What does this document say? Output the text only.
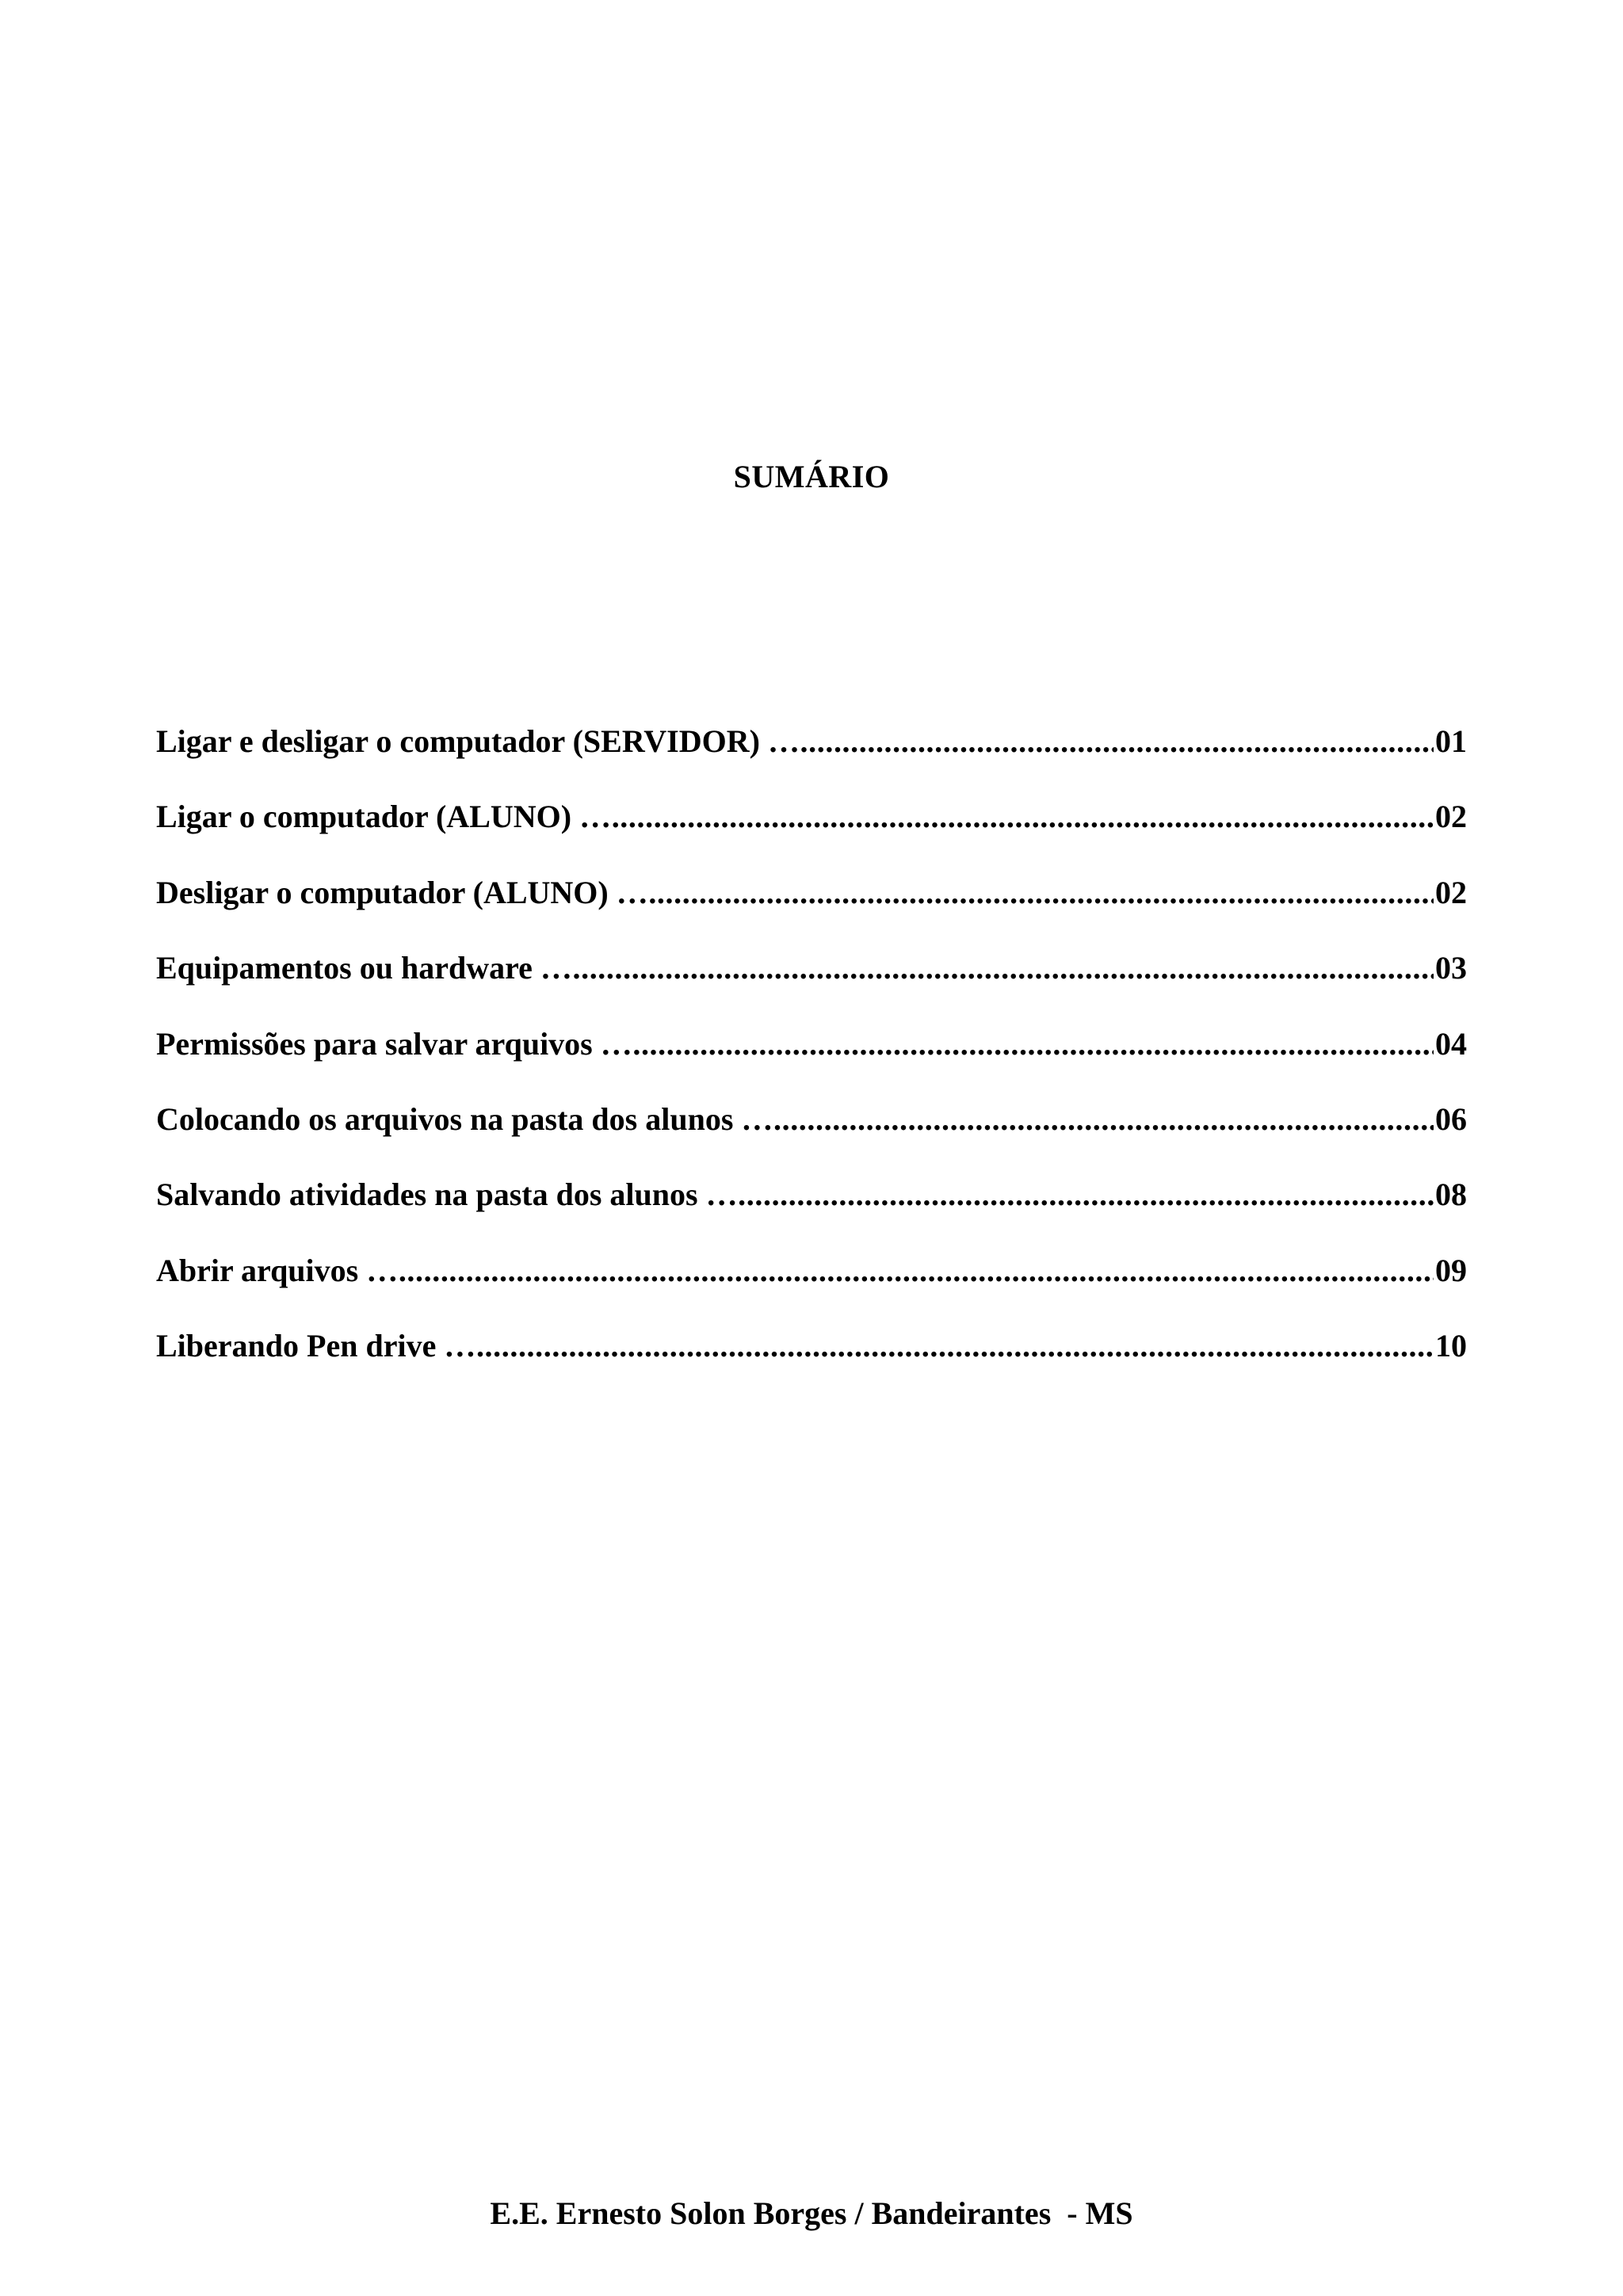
SUMÁRIO
Ligar e desligar o computador (SERVIDOR) …......................................................................................................................................................................................................................................................................................................................	01
Ligar o computador (ALUNO) …......................................................................................................................................................................................................................................................................................................................	02
Desligar o computador (ALUNO) …......................................................................................................................................................................................................................................................................................................................	02
Equipamentos ou hardware …......................................................................................................................................................................................................................................................................................................................	03
Permissões para salvar arquivos …......................................................................................................................................................................................................................................................................................................................	04
Colocando os arquivos na pasta dos alunos …......................................................................................................................................................................................................................................................................................................................	06
Salvando atividades na pasta dos alunos …......................................................................................................................................................................................................................................................................................................................	08
Abrir arquivos …......................................................................................................................................................................................................................................................................................................................	09
Liberando Pen drive …......................................................................................................................................................................................................................................................................................................................	10
E.E. Ernesto Solon Borges / Bandeirantes  - MS
